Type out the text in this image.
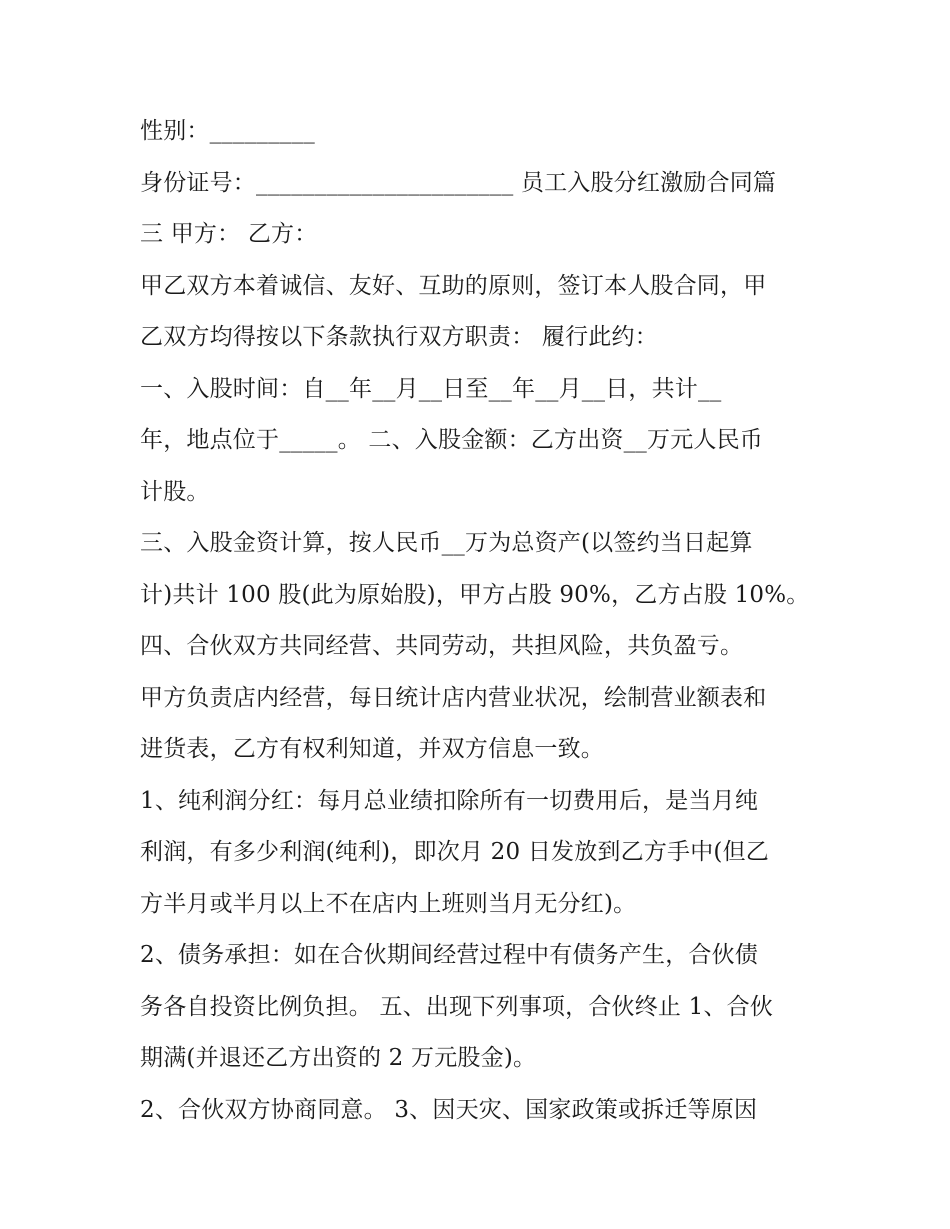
性别：_________
身份证号：______________________ 员工入股分红激励合同篇
三 甲方： 乙方：
甲乙双方本着诚信、友好、互助的原则，签订本人股合同，甲
乙双方均得按以下条款执行双方职责： 履行此约：
一、入股时间：自__年__月__日至__年__月__日，共计__
年，地点位于_____。 二、入股金额：乙方出资__万元人民币
计股。
三、入股金资计算，按人民币__万为总资产(以签约当日起算
计)共计 100 股(此为原始股)，甲方占股 90%，乙方占股 10%。
四、合伙双方共同经营、共同劳动，共担风险，共负盈亏。
甲方负责店内经营，每日统计店内营业状况，绘制营业额表和
进货表，乙方有权利知道，并双方信息一致。
1、纯利润分红：每月总业绩扣除所有一切费用后，是当月纯
利润，有多少利润(纯利)，即次月 20 日发放到乙方手中(但乙
方半月或半月以上不在店内上班则当月无分红)。
2、债务承担：如在合伙期间经营过程中有债务产生，合伙债
务各自投资比例负担。 五、出现下列事项，合伙终止 1、合伙
期满(并退还乙方出资的 2 万元股金)。
2、合伙双方协商同意。 3、因天灾、国家政策或拆迁等原因
